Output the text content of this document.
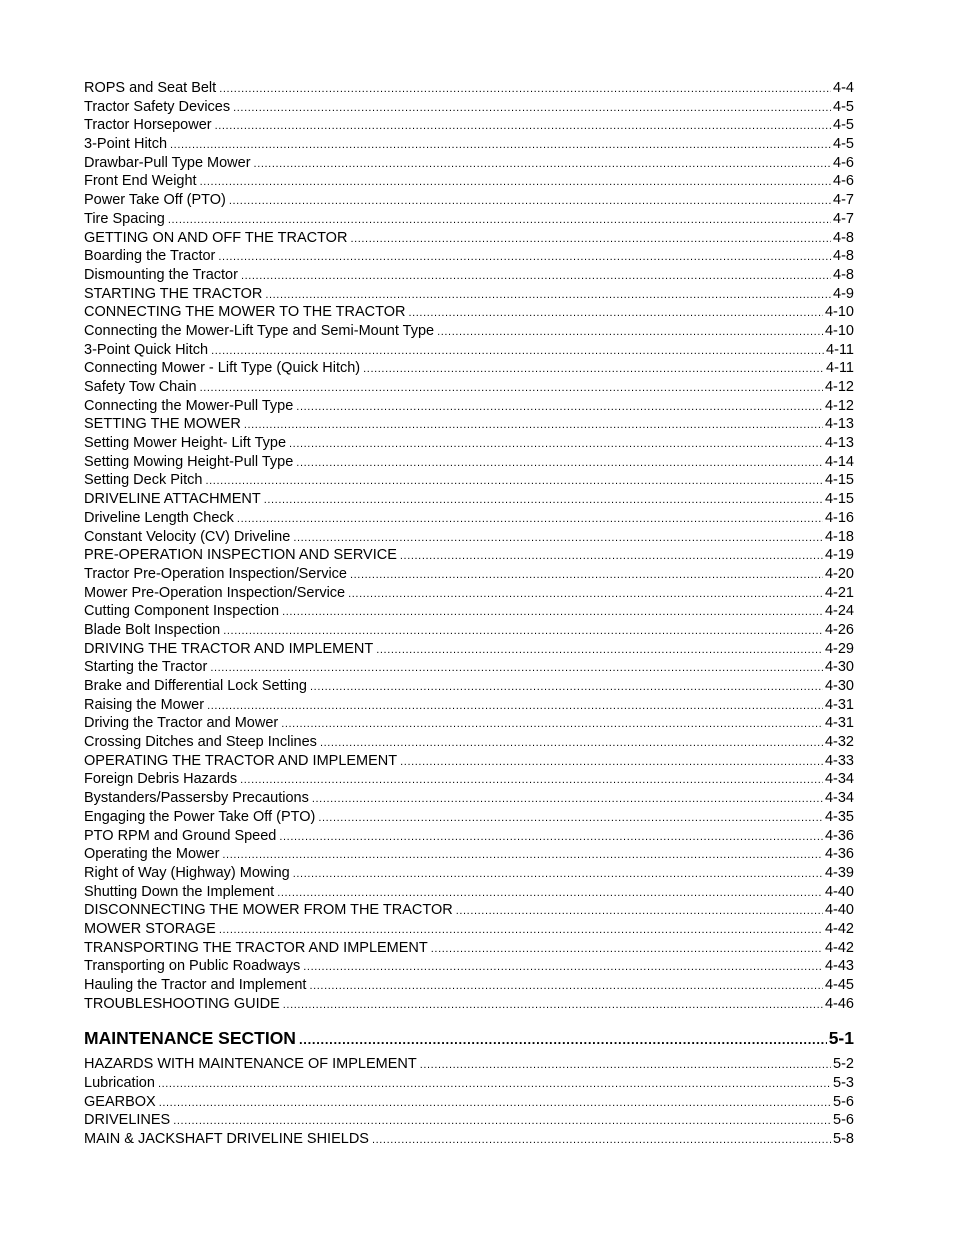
ROPS and Seat Belt .....	4-4
Tractor Safety Devices .....	4-5
Tractor Horsepower .....	4-5
3-Point Hitch .....	4-5
Drawbar-Pull Type Mower .....	4-6
Front End Weight .....	4-6
Power Take Off (PTO) .....	4-7
Tire Spacing .....	4-7
GETTING ON AND OFF THE TRACTOR .....	4-8
Boarding the Tractor .....	4-8
Dismounting the Tractor .....	4-8
STARTING THE TRACTOR .....	4-9
CONNECTING THE MOWER TO THE TRACTOR .....	4-10
Connecting the Mower-Lift Type and Semi-Mount Type .....	4-10
3-Point Quick Hitch .....	4-11
Connecting Mower - Lift Type (Quick Hitch) .....	4-11
Safety Tow Chain .....	4-12
Connecting the Mower-Pull Type .....	4-12
SETTING THE MOWER .....	4-13
Setting Mower Height- Lift Type .....	4-13
Setting Mowing Height-Pull Type .....	4-14
Setting Deck Pitch .....	4-15
DRIVELINE ATTACHMENT .....	4-15
Driveline Length Check .....	4-16
Constant Velocity (CV) Driveline .....	4-18
PRE-OPERATION INSPECTION AND SERVICE .....	4-19
Tractor Pre-Operation Inspection/Service .....	4-20
Mower Pre-Operation Inspection/Service .....	4-21
Cutting Component Inspection .....	4-24
Blade Bolt Inspection .....	4-26
DRIVING THE TRACTOR AND IMPLEMENT .....	4-29
Starting the Tractor .....	4-30
Brake and Differential Lock Setting .....	4-30
Raising the Mower .....	4-31
Driving the Tractor and Mower .....	4-31
Crossing Ditches and Steep Inclines .....	4-32
OPERATING THE TRACTOR AND IMPLEMENT .....	4-33
Foreign Debris Hazards .....	4-34
Bystanders/Passersby Precautions .....	4-34
Engaging the Power Take Off (PTO) .....	4-35
PTO RPM and Ground Speed .....	4-36
Operating the Mower .....	4-36
Right of Way (Highway) Mowing .....	4-39
Shutting Down the Implement .....	4-40
DISCONNECTING THE MOWER FROM THE TRACTOR .....	4-40
MOWER STORAGE .....	4-42
TRANSPORTING THE TRACTOR AND IMPLEMENT .....	4-42
Transporting on Public Roadways .....	4-43
Hauling the Tractor and Implement .....	4-45
TROUBLESHOOTING GUIDE .....	4-46
MAINTENANCE SECTION .....	5-1
HAZARDS WITH MAINTENANCE OF IMPLEMENT .....	5-2
Lubrication .....	5-3
GEARBOX .....	5-6
DRIVELINES .....	5-6
MAIN & JACKSHAFT DRIVELINE SHIELDS .....	5-8
